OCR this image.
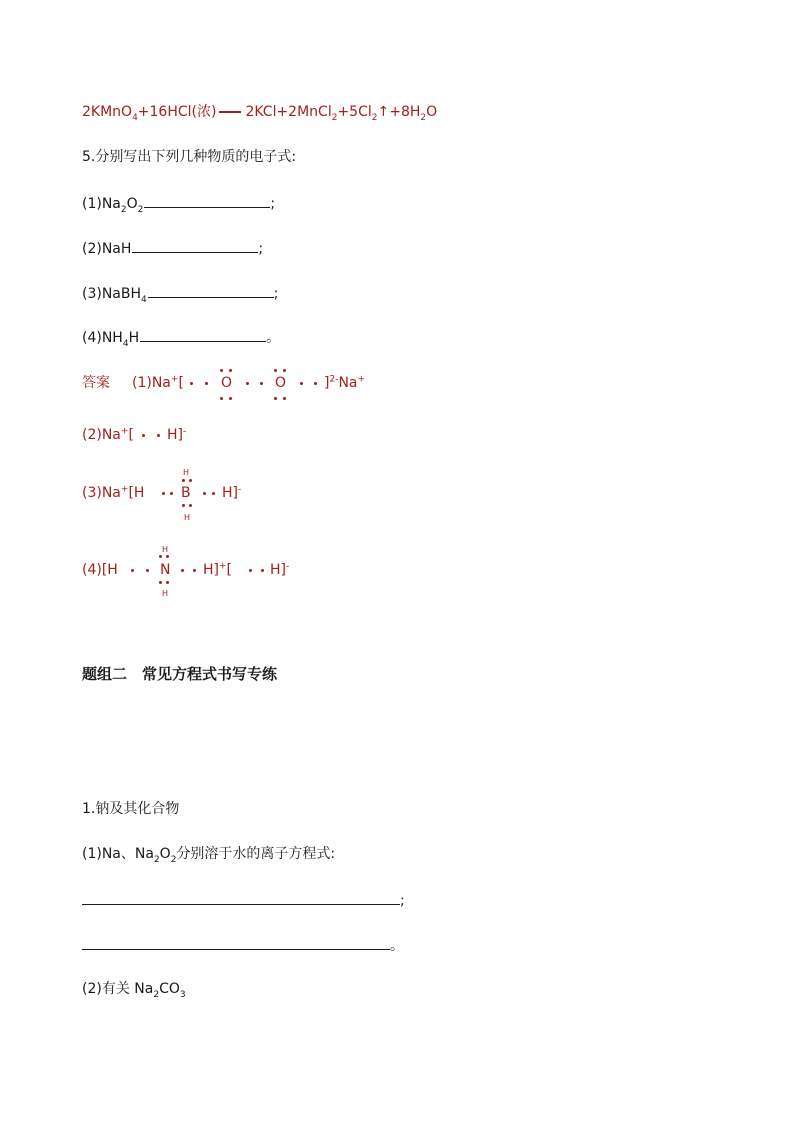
2KMnO$_4$+16HCl(浓) $2KCl+2MnCl_2+5Cl_2↑+8H_2O$
5.分别写出下列几种物质的电子式:
$(1)Na_2O_2$	;
(2)NaH	;
(3)NaBH$_4$	;
$(4)NH_4H$	。
答案 (1)Na+[	O	O	]$^{2-}$Na+
(2)Na+[ H]-
(3)Na+[H
H
B
H
H]-
(4)[H
H
N
H
H]+[	H]-
题组二　常见方程式书写专练
1.钠及其化合物
(1)Na、$Na_2O_2$分别溶于水的离子方程式:
;
。
(2)有关 $Na_2CO_3$
